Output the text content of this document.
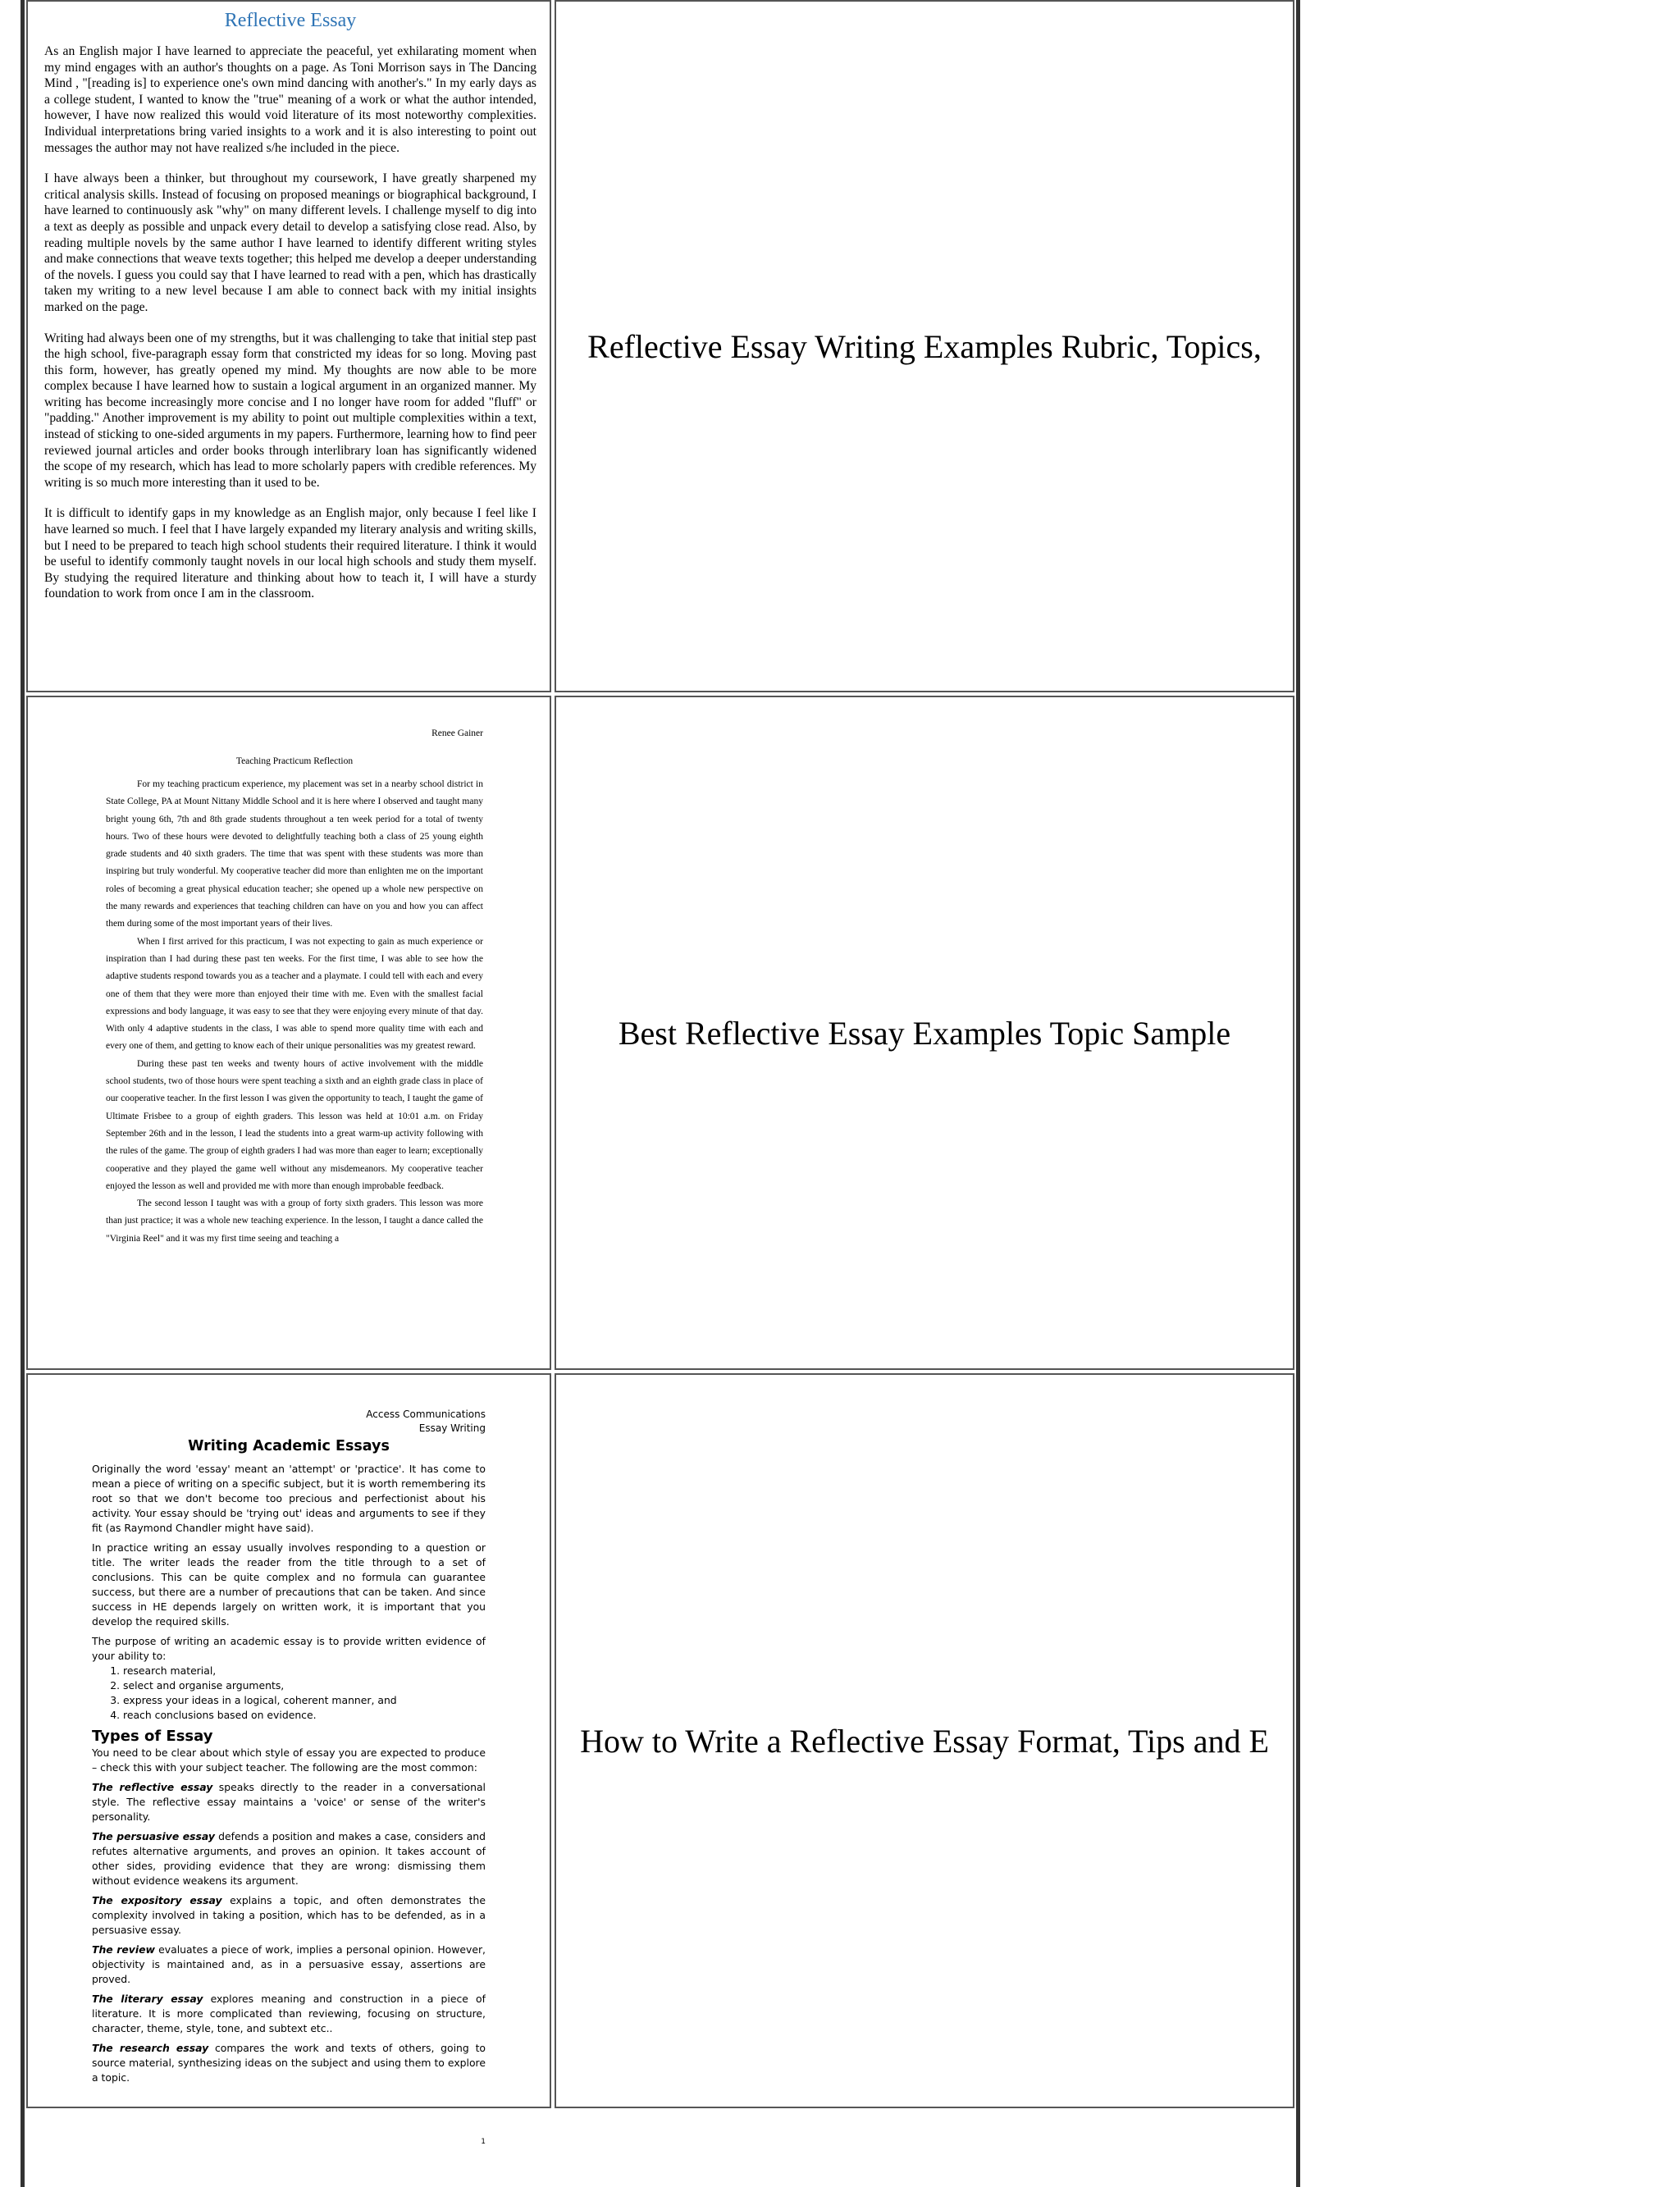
Reflective Essay

As an English major I have learned to appreciate the peaceful, yet exhilarating moment when my mind engages with an author's thoughts on a page. As Toni Morrison says in The Dancing Mind , "[reading is] to experience one's own mind dancing with another's." In my early days as a college student, I wanted to know the "true" meaning of a work or what the author intended, however, I have now realized this would void literature of its most noteworthy complexities. Individual interpretations bring varied insights to a work and it is also interesting to point out messages the author may not have realized s/he included in the piece.

I have always been a thinker, but throughout my coursework, I have greatly sharpened my critical analysis skills. Instead of focusing on proposed meanings or biographical background, I have learned to continuously ask "why" on many different levels. I challenge myself to dig into a text as deeply as possible and unpack every detail to develop a satisfying close read. Also, by reading multiple novels by the same author I have learned to identify different writing styles and make connections that weave texts together; this helped me develop a deeper understanding of the novels. I guess you could say that I have learned to read with a pen, which has drastically taken my writing to a new level because I am able to connect back with my initial insights marked on the page.

Writing had always been one of my strengths, but it was challenging to take that initial step past the high school, five-paragraph essay form that constricted my ideas for so long. Moving past this form, however, has greatly opened my mind. My thoughts are now able to be more complex because I have learned how to sustain a logical argument in an organized manner. My writing has become increasingly more concise and I no longer have room for added "fluff" or "padding." Another improvement is my ability to point out multiple complexities within a text, instead of sticking to one-sided arguments in my papers. Furthermore, learning how to find peer reviewed journal articles and order books through interlibrary loan has significantly widened the scope of my research, which has lead to more scholarly papers with credible references. My writing is so much more interesting than it used to be.

It is difficult to identify gaps in my knowledge as an English major, only because I feel like I have learned so much. I feel that I have largely expanded my literary analysis and writing skills, but I need to be prepared to teach high school students their required literature. I think it would be useful to identify commonly taught novels in our local high schools and study them myself. By studying the required literature and thinking about how to teach it, I will have a sturdy foundation to work from once I am in the classroom.

Reflective Essay Writing Examples Rubric, Topics,
Renee Gainer
Teaching Practicum Reflection

For my teaching practicum experience, my placement was set in a nearby school district in State College, PA at Mount Nittany Middle School and it is here where I observed and taught many bright young 6th, 7th and 8th grade students throughout a ten week period for a total of twenty hours. Two of these hours were devoted to delightfully teaching both a class of 25 young eighth grade students and 40 sixth graders. The time that was spent with these students was more than inspiring but truly wonderful. My cooperative teacher did more than enlighten me on the important roles of becoming a great physical education teacher; she opened up a whole new perspective on the many rewards and experiences that teaching children can have on you and how you can affect them during some of the most important years of their lives.

When I first arrived for this practicum, I was not expecting to gain as much experience or inspiration than I had during these past ten weeks. For the first time, I was able to see how the adaptive students respond towards you as a teacher and a playmate. I could tell with each and every one of them that they were more than enjoyed their time with me. Even with the smallest facial expressions and body language, it was easy to see that they were enjoying every minute of that day. With only 4 adaptive students in the class, I was able to spend more quality time with each and every one of them, and getting to know each of their unique personalities was my greatest reward.

During these past ten weeks and twenty hours of active involvement with the middle school students, two of those hours were spent teaching a sixth and an eighth grade class in place of our cooperative teacher. In the first lesson I was given the opportunity to teach, I taught the game of Ultimate Frisbee to a group of eighth graders. This lesson was held at 10:01 a.m. on Friday September 26th and in the lesson, I lead the students into a great warm-up activity following with the rules of the game. The group of eighth graders I had was more than eager to learn; exceptionally cooperative and they played the game well without any misdemeanors. My cooperative teacher enjoyed the lesson as well and provided me with more than enough improbable feedback.

The second lesson I taught was with a group of forty sixth graders. This lesson was more than just practice; it was a whole new teaching experience. In the lesson, I taught a dance called the "Virginia Reel" and it was my first time seeing and teaching a

Best Reflective Essay Examples Topic Sample
Access Communications
Essay Writing
Writing Academic Essays

Originally the word 'essay' meant an 'attempt' or 'practice'. It has come to mean a piece of writing on a specific subject, but it is worth remembering its root so that we don't become too precious and perfectionist about his activity. Your essay should be 'trying out' ideas and arguments to see if they fit (as Raymond Chandler might have said).

In practice writing an essay usually involves responding to a question or title. The writer leads the reader from the title through to a set of conclusions. This can be quite complex and no formula can guarantee success, but there are a number of precautions that can be taken. And since success in HE depends largely on written work, it is important that you develop the required skills.

The purpose of writing an academic essay is to provide written evidence of your ability to:

1. research material,
2. select and organise arguments,
3. express your ideas in a logical, coherent manner, and
4. reach conclusions based on evidence.
Types of Essay

You need to be clear about which style of essay you are expected to produce – check this with your subject teacher. The following are the most common:

The reflective essay speaks directly to the reader in a conversational style. The reflective essay maintains a 'voice' or sense of the writer's personality.

The persuasive essay defends a position and makes a case, considers and refutes alternative arguments, and proves an opinion. It takes account of other sides, providing evidence that they are wrong: dismissing them without evidence weakens its argument.

The expository essay explains a topic, and often demonstrates the complexity involved in taking a position, which has to be defended, as in a persuasive essay.

The review evaluates a piece of work, implies a personal opinion. However, objectivity is maintained and, as in a persuasive essay, assertions are proved.

The literary essay explores meaning and construction in a piece of literature. It is more complicated than reviewing, focusing on structure, character, theme, style, tone, and subtext etc..

The research essay compares the work and texts of others, going to source material, synthesizing ideas on the subject and using them to explore a topic.

1
How to Write a Reflective Essay Format, Tips and E
